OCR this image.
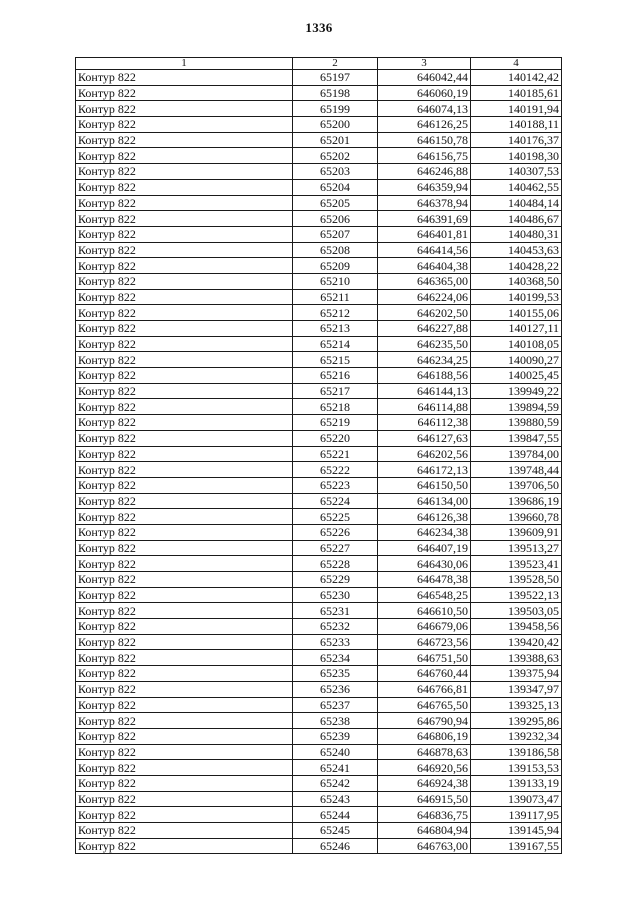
1336
1	2	3	4
Контур 822	65197	646042,44	140142,42
Контур 822	65198	646060,19	140185,61
Контур 822	65199	646074,13	140191,94
Контур 822	65200	646126,25	140188,11
Контур 822	65201	646150,78	140176,37
Контур 822	65202	646156,75	140198,30
Контур 822	65203	646246,88	140307,53
Контур 822	65204	646359,94	140462,55
Контур 822	65205	646378,94	140484,14
Контур 822	65206	646391,69	140486,67
Контур 822	65207	646401,81	140480,31
Контур 822	65208	646414,56	140453,63
Контур 822	65209	646404,38	140428,22
Контур 822	65210	646365,00	140368,50
Контур 822	65211	646224,06	140199,53
Контур 822	65212	646202,50	140155,06
Контур 822	65213	646227,88	140127,11
Контур 822	65214	646235,50	140108,05
Контур 822	65215	646234,25	140090,27
Контур 822	65216	646188,56	140025,45
Контур 822	65217	646144,13	139949,22
Контур 822	65218	646114,88	139894,59
Контур 822	65219	646112,38	139880,59
Контур 822	65220	646127,63	139847,55
Контур 822	65221	646202,56	139784,00
Контур 822	65222	646172,13	139748,44
Контур 822	65223	646150,50	139706,50
Контур 822	65224	646134,00	139686,19
Контур 822	65225	646126,38	139660,78
Контур 822	65226	646234,38	139609,91
Контур 822	65227	646407,19	139513,27
Контур 822	65228	646430,06	139523,41
Контур 822	65229	646478,38	139528,50
Контур 822	65230	646548,25	139522,13
Контур 822	65231	646610,50	139503,05
Контур 822	65232	646679,06	139458,56
Контур 822	65233	646723,56	139420,42
Контур 822	65234	646751,50	139388,63
Контур 822	65235	646760,44	139375,94
Контур 822	65236	646766,81	139347,97
Контур 822	65237	646765,50	139325,13
Контур 822	65238	646790,94	139295,86
Контур 822	65239	646806,19	139232,34
Контур 822	65240	646878,63	139186,58
Контур 822	65241	646920,56	139153,53
Контур 822	65242	646924,38	139133,19
Контур 822	65243	646915,50	139073,47
Контур 822	65244	646836,75	139117,95
Контур 822	65245	646804,94	139145,94
Контур 822	65246	646763,00	139167,55
